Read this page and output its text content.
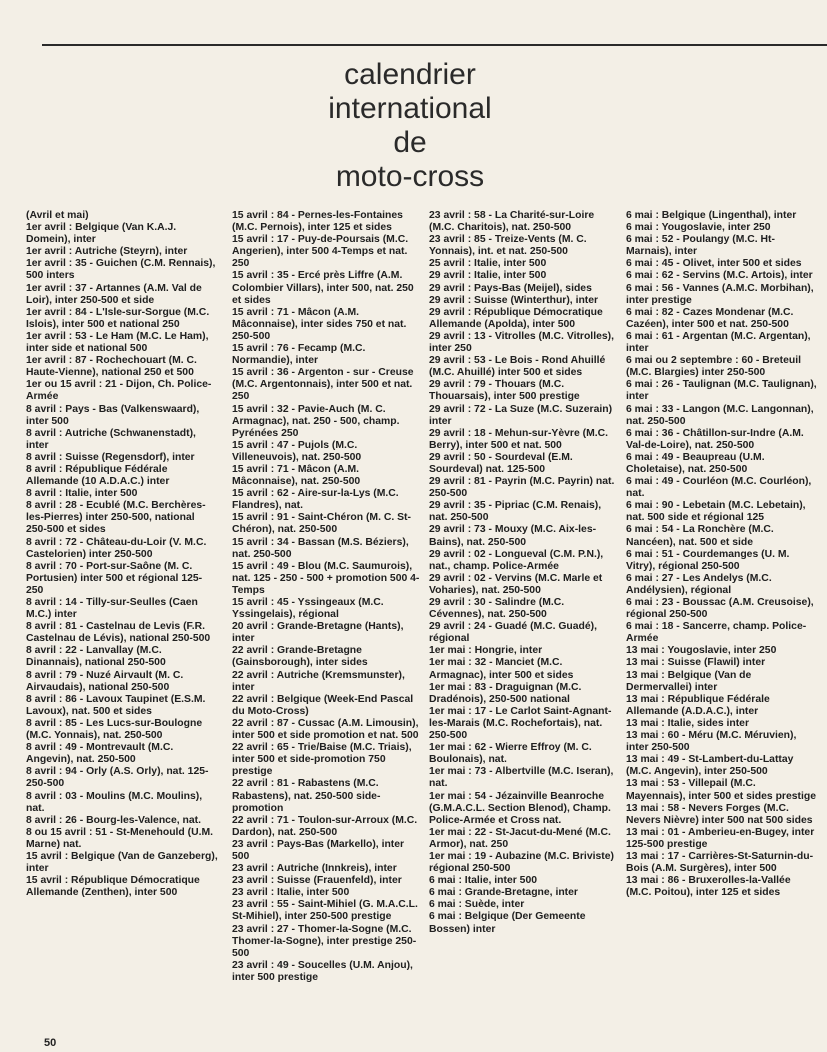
calendrier
international
de
moto-cross
(Avril et mai)
1er avril : Belgique (Van K.A.J. Domein), inter
1er avril : Autriche (Steyrn), inter
1er avril : 35 - Guichen (C.M. Rennais), 500 inters
1er avril : 37 - Artannes (A.M. Val de Loir), inter 250-500 et side
1er avril : 84 - L'Isle-sur-Sorgue (M.C. Islois), inter 500 et national 250
1er avril : 53 - Le Ham (M.C. Le Ham), inter side et national 500
1er avril : 87 - Rochechouart (M. C. Haute-Vienne), national 250 et 500
1er ou 15 avril : 21 - Dijon, Ch. Police-Armée
8 avril : Pays - Bas (Valkenswaard), inter 500
8 avril : Autriche (Schwanenstadt), inter
8 avril : Suisse (Regensdorf), inter
8 avril : République Fédérale Allemande (10 A.D.A.C.) inter
8 avril : Italie, inter 500
8 avril : 28 - Ecublé (M.C. Berchères-les-Pierres) inter 250-500, national 250-500 et sides
8 avril : 72 - Château-du-Loir (V. M.C. Castelorien) inter 250-500
8 avril : 70 - Port-sur-Saône (M. C. Portusien) inter 500 et régional 125-250
8 avril : 14 - Tilly-sur-Seulles (Caen M.C.) inter
8 avril : 81 - Castelnau de Levis (F.R. Castelnau de Lévis), national 250-500
8 avril : 22 - Lanvallay (M.C. Dinannais), national 250-500
8 avril : 79 - Nuzé Airvault (M. C. Airvaudais), national 250-500
8 avril : 86 - Lavoux Taupinet (E.S.M. Lavoux), nat. 500 et sides
8 avril : 85 - Les Lucs-sur-Boulogne (M.C. Yonnais), nat. 250-500
8 avril : 49 - Montrevault (M.C. Angevin), nat. 250-500
8 avril : 94 - Orly (A.S. Orly), nat. 125-250-500
8 avril : 03 - Moulins (M.C. Moulins), nat.
8 avril : 26 - Bourg-les-Valence, nat.
8 ou 15 avril : 51 - St-Menehould (U.M. Marne) nat.
15 avril : Belgique (Van de Ganzeberg), inter
15 avril : République Démocratique Allemande (Zenthen), inter 500
15 avril : 84 - Pernes-les-Fontaines (M.C. Pernois), inter 125 et sides
15 avril : 17 - Puy-de-Poursais (M.C. Angerien), inter 500 4-Temps et nat. 250
15 avril : 35 - Ercé près Liffre (A.M. Colombier Villars), inter 500, nat. 250 et sides
15 avril : 71 - Mâcon (A.M. Mâconnaise), inter sides 750 et nat. 250-500
15 avril : 76 - Fecamp (M.C. Normandie), inter
15 avril : 36 - Argenton - sur - Creuse (M.C. Argentonnais), inter 500 et nat. 250
15 avril : 32 - Pavie-Auch (M. C. Armagnac), nat. 250 - 500, champ. Pyrénées 250
15 avril : 47 - Pujols (M.C. Villeneuvois), nat. 250-500
15 avril : 71 - Mâcon (A.M. Mâconnaise), nat. 250-500
15 avril : 62 - Aire-sur-la-Lys (M.C. Flandres), nat.
15 avril : 91 - Saint-Chéron (M. C. St-Chéron), nat. 250-500
15 avril : 34 - Bassan (M.S. Béziers), nat. 250-500
15 avril : 49 - Blou (M.C. Saumurois), nat. 125 - 250 - 500 + promotion 500 4-Temps
15 avril : 45 - Yssingeaux (M.C. Yssingelais), régional
20 avril : Grande-Bretagne (Hants), inter
22 avril : Grande-Bretagne (Gainsborough), inter sides
22 avril : Autriche (Kremsmunster), inter
22 avril : Belgique (Week-End Pascal du Moto-Cross)
22 avril : 87 - Cussac (A.M. Limousin), inter 500 et side promotion et nat. 500
22 avril : 65 - Trie/Baise (M.C. Triais), inter 500 et side-promotion 750 prestige
22 avril : 81 - Rabastens (M.C. Rabastens), nat. 250-500 side-promotion
22 avril : 71 - Toulon-sur-Arroux (M.C. Dardon), nat. 250-500
23 avril : Pays-Bas (Markello), inter 500
23 avril : Autriche (Innkreis), inter
23 avril : Suisse (Frauenfeld), inter
23 avril : Italie, inter 500
23 avril : 55 - Saint-Mihiel (G. M.A.C.L. St-Mihiel), inter 250-500 prestige
23 avril : 27 - Thomer-la-Sogne (M.C. Thomer-la-Sogne), inter prestige 250-500
23 avril : 49 - Soucelles (U.M. Anjou), inter 500 prestige
23 avril : 58 - La Charité-sur-Loire (M.C. Charitois), nat. 250-500
23 avril : 85 - Treize-Vents (M. C. Yonnais), int. et nat. 250-500
25 avril : Italie, inter 500
29 avril : Italie, inter 500
29 avril : Pays-Bas (Meijel), sides
29 avril : Suisse (Winterthur), inter
29 avril : République Démocratique Allemande (Apolda), inter 500
29 avril : 13 - Vitrolles (M.C. Vitrolles), inter 250
29 avril : 53 - Le Bois - Rond Ahuillé (M.C. Ahuillé) inter 500 et sides
29 avril : 79 - Thouars (M.C. Thouarsais), inter 500 prestige
29 avril : 72 - La Suze (M.C. Suzerain) inter
29 avril : 18 - Mehun-sur-Yèvre (M.C. Berry), inter 500 et nat. 500
29 avril : 50 - Sourdeval (E.M. Sourdeval) nat. 125-500
29 avril : 81 - Payrin (M.C. Payrin) nat. 250-500
29 avril : 35 - Pipriac (C.M. Renais), nat. 250-500
29 avril : 73 - Mouxy (M.C. Aix-les-Bains), nat. 250-500
29 avril : 02 - Longueval (C.M. P.N.), nat., champ. Police-Armée
29 avril : 02 - Vervins (M.C. Marle et Voharies), nat. 250-500
29 avril : 30 - Salindre (M.C. Cévennes), nat. 250-500
29 avril : 24 - Guadé (M.C. Guadé), régional
1er mai : Hongrie, inter
1er mai : 32 - Manciet (M.C. Armagnac), inter 500 et sides
1er mai : 83 - Draguignan (M.C. Dradénois), 250-500 national
1er mai : 17 - Le Carlot Saint-Agnant-les-Marais (M.C. Rochefortais), nat. 250-500
1er mai : 62 - Wierre Effroy (M. C. Boulonais), nat.
1er mai : 73 - Albertville (M.C. Iseran), nat.
1er mai : 54 - Jézainville Beanroche (G.M.A.C.L. Section Blenod), Champ. Police-Armée et Cross nat.
1er mai : 22 - St-Jacut-du-Mené (M.C. Armor), nat. 250
1er mai : 19 - Aubazine (M.C. Briviste) régional 250-500
6 mai : Italie, inter 500
6 mai : Grande-Bretagne, inter
6 mai : Suède, inter
6 mai : Belgique (Der Gemeente Bossen) inter
6 mai : Belgique (Lingenthal), inter
6 mai : Yougoslavie, inter 250
6 mai : 52 - Poulangy (M.C. Ht-Marnais), inter
6 mai : 45 - Olivet, inter 500 et sides
6 mai : 62 - Servins (M.C. Artois), inter
6 mai : 56 - Vannes (A.M.C. Morbihan), inter prestige
6 mai : 82 - Cazes Mondenar (M.C. Cazéen), inter 500 et nat. 250-500
6 mai : 61 - Argentan (M.C. Argentan), inter
6 mai ou 2 septembre : 60 - Breteuil (M.C. Blargies) inter 250-500
6 mai : 26 - Taulignan (M.C. Taulignan), inter
6 mai : 33 - Langon (M.C. Langonnan), nat. 250-500
6 mai : 36 - Châtillon-sur-Indre (A.M. Val-de-Loire), nat. 250-500
6 mai : 49 - Beaupreau (U.M. Choletaise), nat. 250-500
6 mai : 49 - Courléon (M.C. Courléon), nat.
6 mai : 90 - Lebetain (M.C. Lebetain), nat. 500 side et régional 125
6 mai : 54 - La Ronchère (M.C. Nancéen), nat. 500 et side
6 mai : 51 - Courdemanges (U. M. Vitry), régional 250-500
6 mai : 27 - Les Andelys (M.C. Andélysien), régional
6 mai : 23 - Boussac (A.M. Creusoise), régional 250-500
6 mai : 18 - Sancerre, champ. Police-Armée
13 mai : Yougoslavie, inter 250
13 mai : Suisse (Flawil) inter
13 mai : Belgique (Van de Dermervallei) inter
13 mai : République Fédérale Allemande (A.D.A.C.), inter
13 mai : Italie, sides inter
13 mai : 60 - Méru (M.C. Méruvien), inter 250-500
13 mai : 49 - St-Lambert-du-Lattay (M.C. Angevin), inter 250-500
13 mai : 53 - Villepail (M.C. Mayennais), inter 500 et sides prestige
13 mai : 58 - Nevers Forges (M.C. Nevers Nièvre) inter 500 nat 500 sides
13 mai : 01 - Amberieu-en-Bugey, inter 125-500 prestige
13 mai : 17 - Carrières-St-Saturnin-du-Bois (A.M. Surgères), inter 500
13 mai : 86 - Bruxerolles-la-Vallée (M.C. Poitou), inter 125 et sides
50
